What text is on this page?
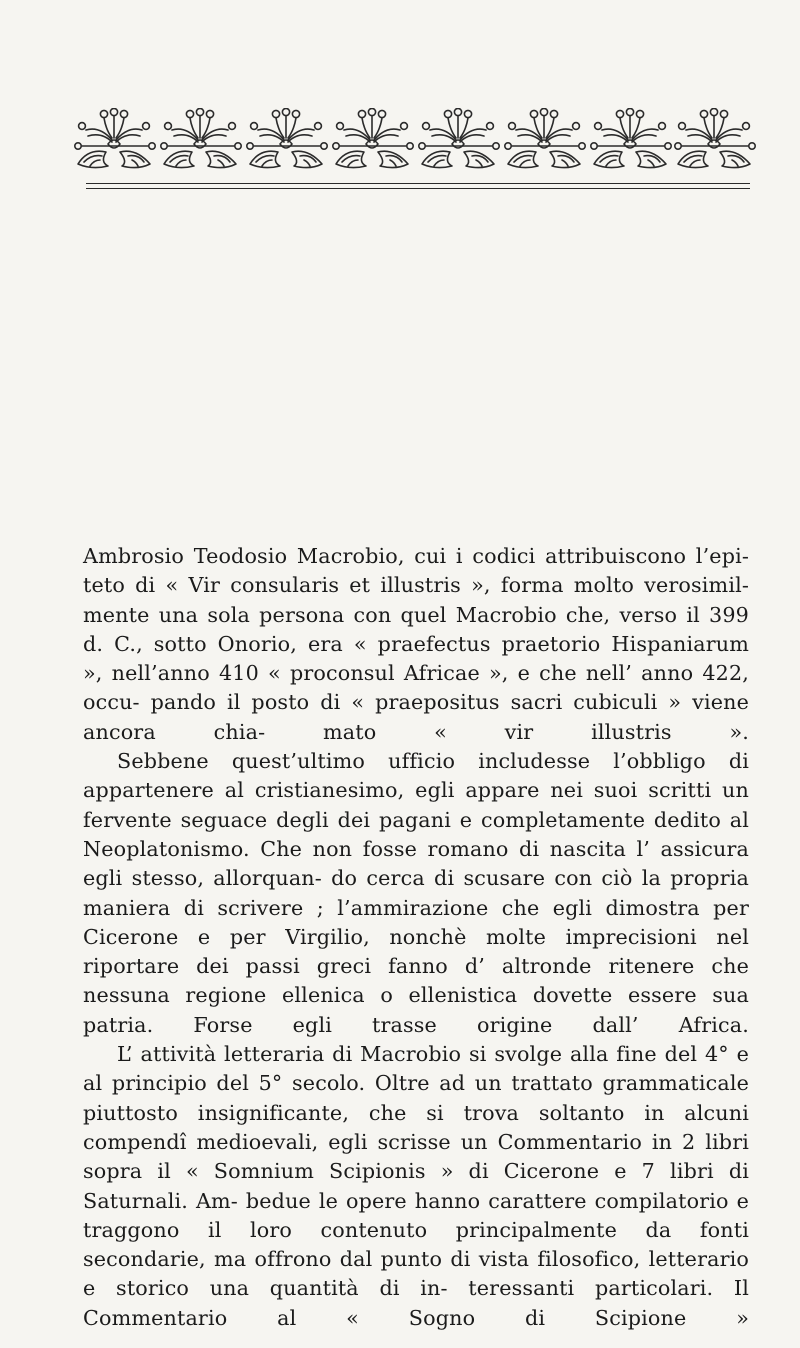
Ambrosio Teodosio Macrobio, cui i codici attribuiscono l’epi- teto di « Vir consularis et illustris », forma molto verosimil- mente una sola persona con quel Macrobio che, verso il 399 d. C., sotto Onorio, era « praefectus praetorio Hispaniarum », nell’anno 410 « proconsul Africae », e che nell’ anno 422, occu- pando il posto di « praepositus sacri cubiculi » viene ancora chia- mato « vir illustris ».

Sebbene quest’ultimo ufficio includesse l’obbligo di appartenere al cristianesimo, egli appare nei suoi scritti un fervente seguace degli dei pagani e completamente dedito al Neoplatonismo. Che non fosse romano di nascita l’ assicura egli stesso, allorquan- do cerca di scusare con ciò la propria maniera di scrivere ; l’ammirazione che egli dimostra per Cicerone e per Virgilio, nonchè molte imprecisioni nel riportare dei passi greci fanno d’ altronde ritenere che nessuna regione ellenica o ellenistica dovette essere sua patria. Forse egli trasse origine dall’ Africa.

L’ attività letteraria di Macrobio si svolge alla fine del 4° e al principio del 5° secolo. Oltre ad un trattato grammaticale piuttosto insignificante, che si trova soltanto in alcuni compendî medioevali, egli scrisse un Commentario in 2 libri sopra il « Somnium Scipionis » di Cicerone e 7 libri di Saturnali. Am- bedue le opere hanno carattere compilatorio e traggono il loro contenuto principalmente da fonti secondarie, ma offrono dal punto di vista filosofico, letterario e storico una quantità di in- teressanti particolari. Il Commentario al « Sogno di Scipione »
